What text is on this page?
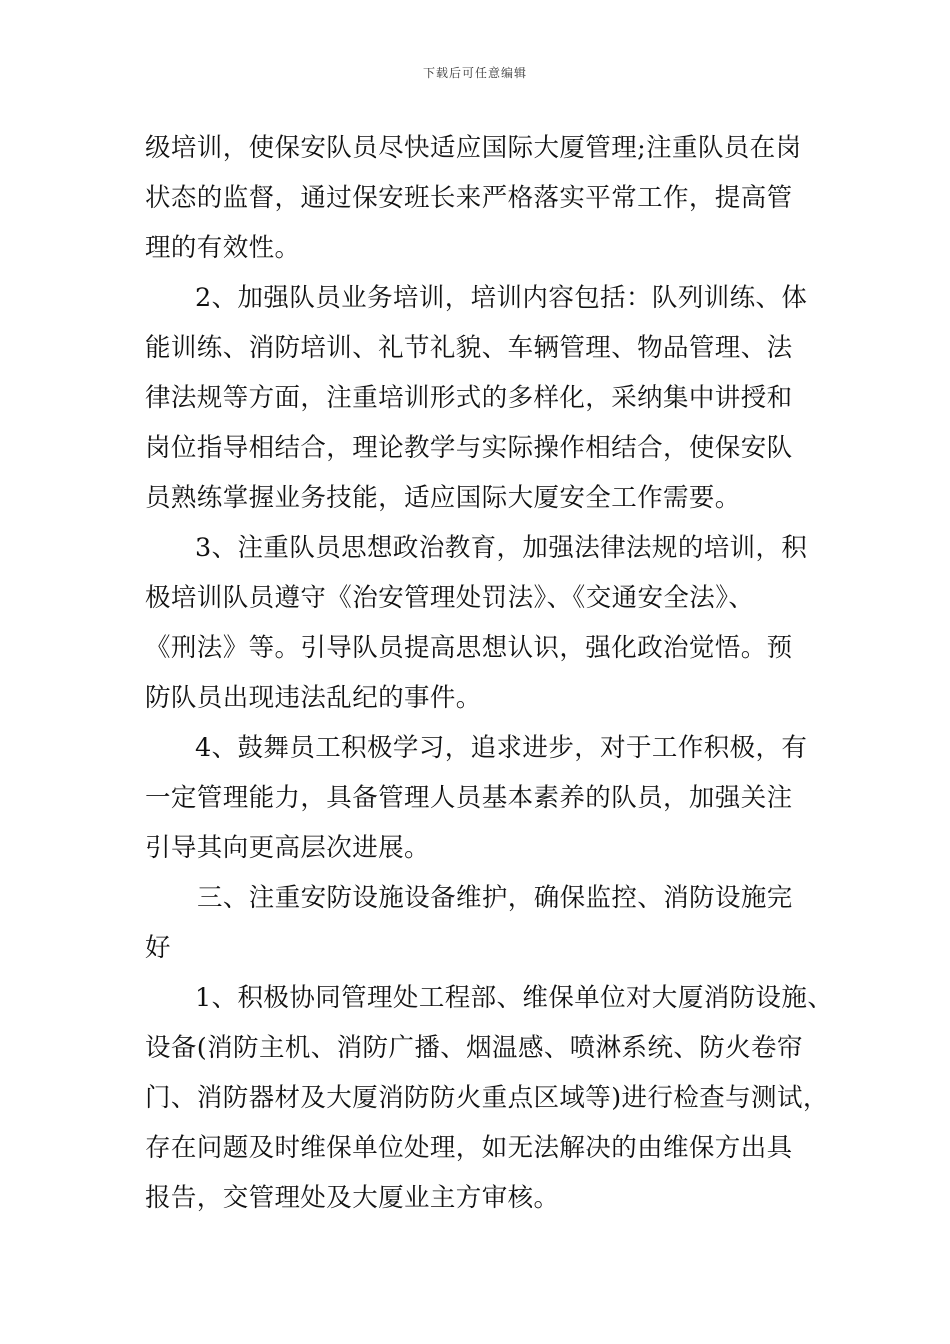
下载后可任意编辑
级培训，使保安队员尽快适应国际大厦管理;注重队员在岗
状态的监督，通过保安班长来严格落实平常工作，提高管
理的有效性。
2、加强队员业务培训，培训内容包括：队列训练、体
能训练、消防培训、礼节礼貌、车辆管理、物品管理、法
律法规等方面，注重培训形式的多样化，采纳集中讲授和
岗位指导相结合，理论教学与实际操作相结合，使保安队
员熟练掌握业务技能，适应国际大厦安全工作需要。
3、注重队员思想政治教育，加强法律法规的培训，积
极培训队员遵守《治安管理处罚法》、《交通安全法》、
《刑法》等。引导队员提高思想认识，强化政治觉悟。预
防队员出现违法乱纪的事件。
4、鼓舞员工积极学习，追求进步，对于工作积极，有
一定管理能力，具备管理人员基本素养的队员，加强关注
引导其向更高层次进展。
三、注重安防设施设备维护，确保监控、消防设施完
好
1、积极协同管理处工程部、维保单位对大厦消防设施、
设备(消防主机、消防广播、烟温感、喷淋系统、防火卷帘
门、消防器材及大厦消防防火重点区域等)进行检查与测试，
存在问题及时维保单位处理，如无法解决的由维保方出具
报告，交管理处及大厦业主方审核。
